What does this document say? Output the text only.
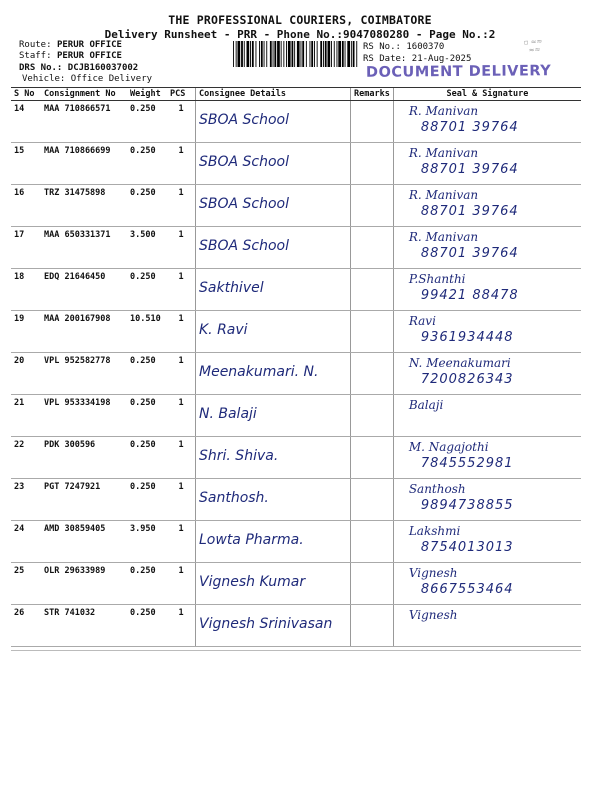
THE PROFESSIONAL COURIERS, COIMBATORE
Delivery Runsheet - PRR - Phone No.:9047080280 - Page No.:2
Route: PERUR OFFICE
Staff: PERUR OFFICE
DRS No.: DCJB160037002
Vehicle: Office Delivery
RS No.: 1600370
RS Date: 21-Aug-2025
DOCUMENT DELIVERY
▫ ≈≈
≈≈
S No	Consignment No	Weight	PCS	Consignee Details	Remarks	Seal & Signature
14	MAA 710866571	0.250	1	SBOA School		R. Manivan
88701 39764

15	MAA 710866699	0.250	1	SBOA School		R. Manivan
88701 39764

16	TRZ 31475898	0.250	1	SBOA School		R. Manivan
88701 39764

17	MAA 650331371	3.500	1	SBOA School		R. Manivan
88701 39764

18	EDQ 21646450	0.250	1	Sakthivel		P.Shanthi
99421 88478

19	MAA 200167908	10.510	1	K. Ravi		Ravi
9361934448

20	VPL 952582778	0.250	1	Meenakumari. N.		N. Meenakumari
7200826343

21	VPL 953334198	0.250	1	N. Balaji		Balaji

22	PDK 300596	0.250	1	Shri. Shiva.		M. Nagajothi
7845552981

23	PGT 7247921	0.250	1	Santhosh.		Santhosh
9894738855

24	AMD 30859405	3.950	1	Lowta Pharma.		Lakshmi
8754013013

25	OLR 29633989	0.250	1	Vignesh Kumar		Vignesh
8667553464

26	STR 741032	0.250	1	Vignesh Srinivasan		Vignesh
